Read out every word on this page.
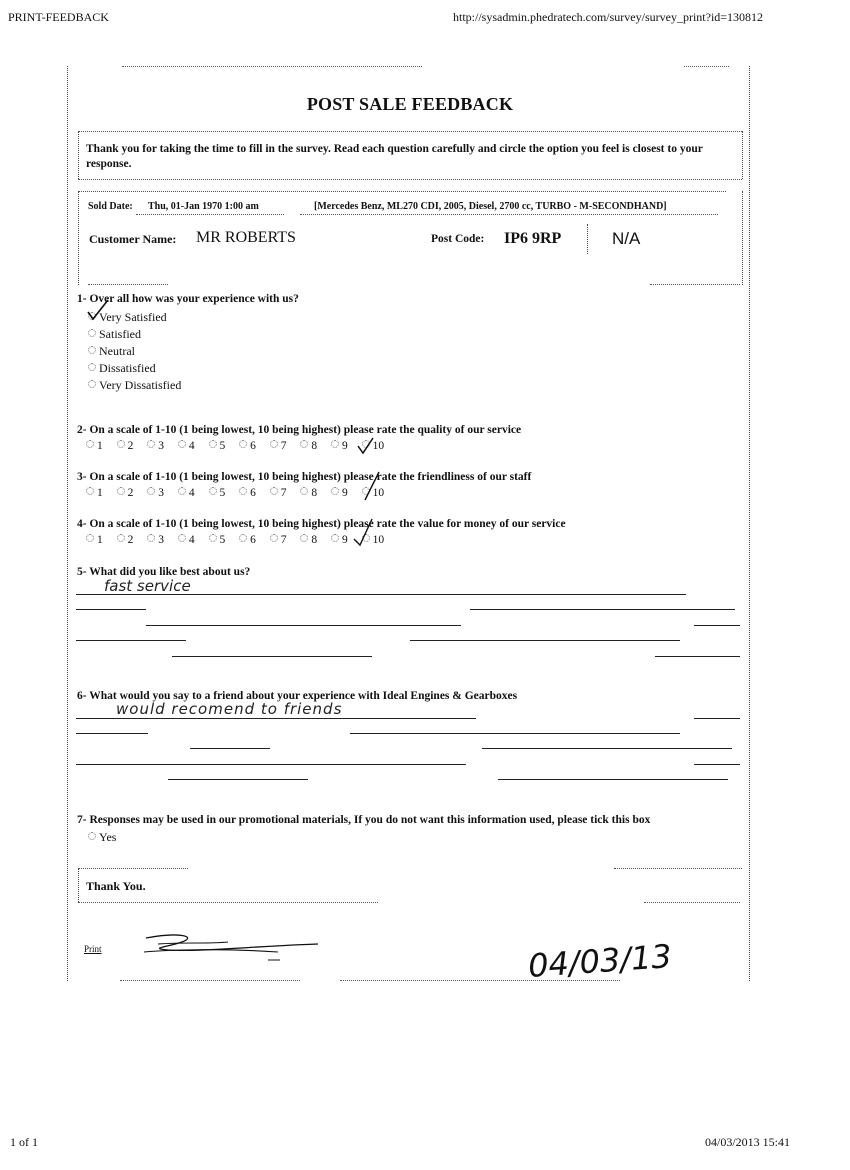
PRINT-FEEDBACK	http://sysadmin.phedratech.com/survey/survey_print?id=130812
POST SALE FEEDBACK
Thank you for taking the time to fill in the survey. Read each question carefully and circle the option you feel is closest to your response.
Sold Date: Thu, 01-Jan 1970 1:00 am	[Mercedes Benz, ML270 CDI, 2005, Diesel, 2700 cc, TURBO - M-SECONDHAND]
Customer Name: MR ROBERTS	Post Code: IP6 9RP	N/A
1- Over all how was your experience with us?
Very Satisfied
Satisfied
Neutral
Dissatisfied
Very Dissatisfied
2- On a scale of 1-10 (1 being lowest, 10 being highest) please rate the quality of our service
1 2 3 4 5 6 7 8 9 10
3- On a scale of 1-10 (1 being lowest, 10 being highest) please rate the friendliness of our staff
1 2 3 4 5 6 7 8 9 10
4- On a scale of 1-10 (1 being lowest, 10 being highest) please rate the value for money of our service
1 2 3 4 5 6 7 8 9 10
5- What did you like best about us?
fast service
6- What would you say to a friend about your experience with Ideal Engines & Gearboxes
would recomend to friends
7- Responses may be used in our promotional materials, If you do not want this information used, please tick this box
Yes
Thank You.
Print	04/03/13
1 of 1	04/03/2013 15:41
